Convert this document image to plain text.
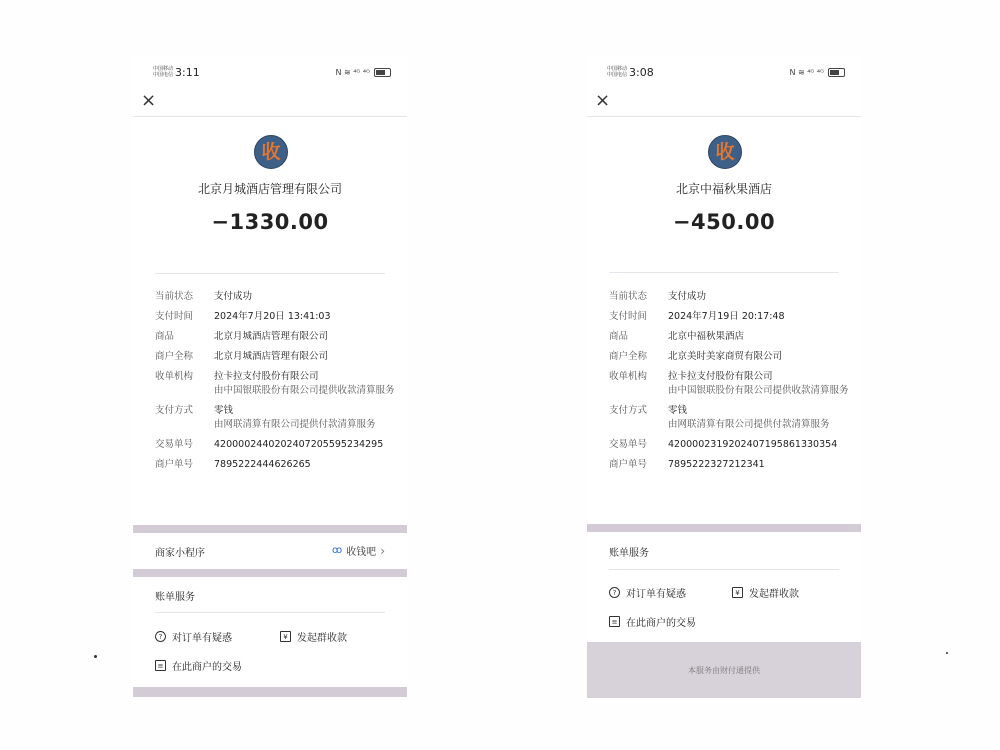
中国移动
中国电信 3:11	N ≋ ⁴ᴳ ⁴ᴳ
×
收
北京月城酒店管理有限公司
−1330.00
当前状态	支付成功
支付时间	2024年7月20日 13:41:03
商品	北京月城酒店管理有限公司
商户全称	北京月城酒店管理有限公司
收单机构	拉卡拉支付股份有限公司
由中国银联股份有限公司提供收款清算服务
支付方式	零钱
由网联清算有限公司提供付款清算服务
交易单号	4200002440202407205595234295
商户单号	7895222444626265
商家小程序	ꝏ 收钱吧 ›
账单服务
? 对订单有疑惑	¥ 发起群收款
≡ 在此商户的交易
中国移动
中国电信 3:08	N ≋ ⁴ᴳ ⁴ᴳ
×
收
北京中福秋果酒店
−450.00
当前状态	支付成功
支付时间	2024年7月19日 20:17:48
商品	北京中福秋果酒店
商户全称	北京美时美家商贸有限公司
收单机构	拉卡拉支付股份有限公司
由中国银联股份有限公司提供收款清算服务
支付方式	零钱
由网联清算有限公司提供付款清算服务
交易单号	4200002319202407195861330354
商户单号	7895222327212341
账单服务
? 对订单有疑惑	¥ 发起群收款
≡ 在此商户的交易
本服务由财付通提供
